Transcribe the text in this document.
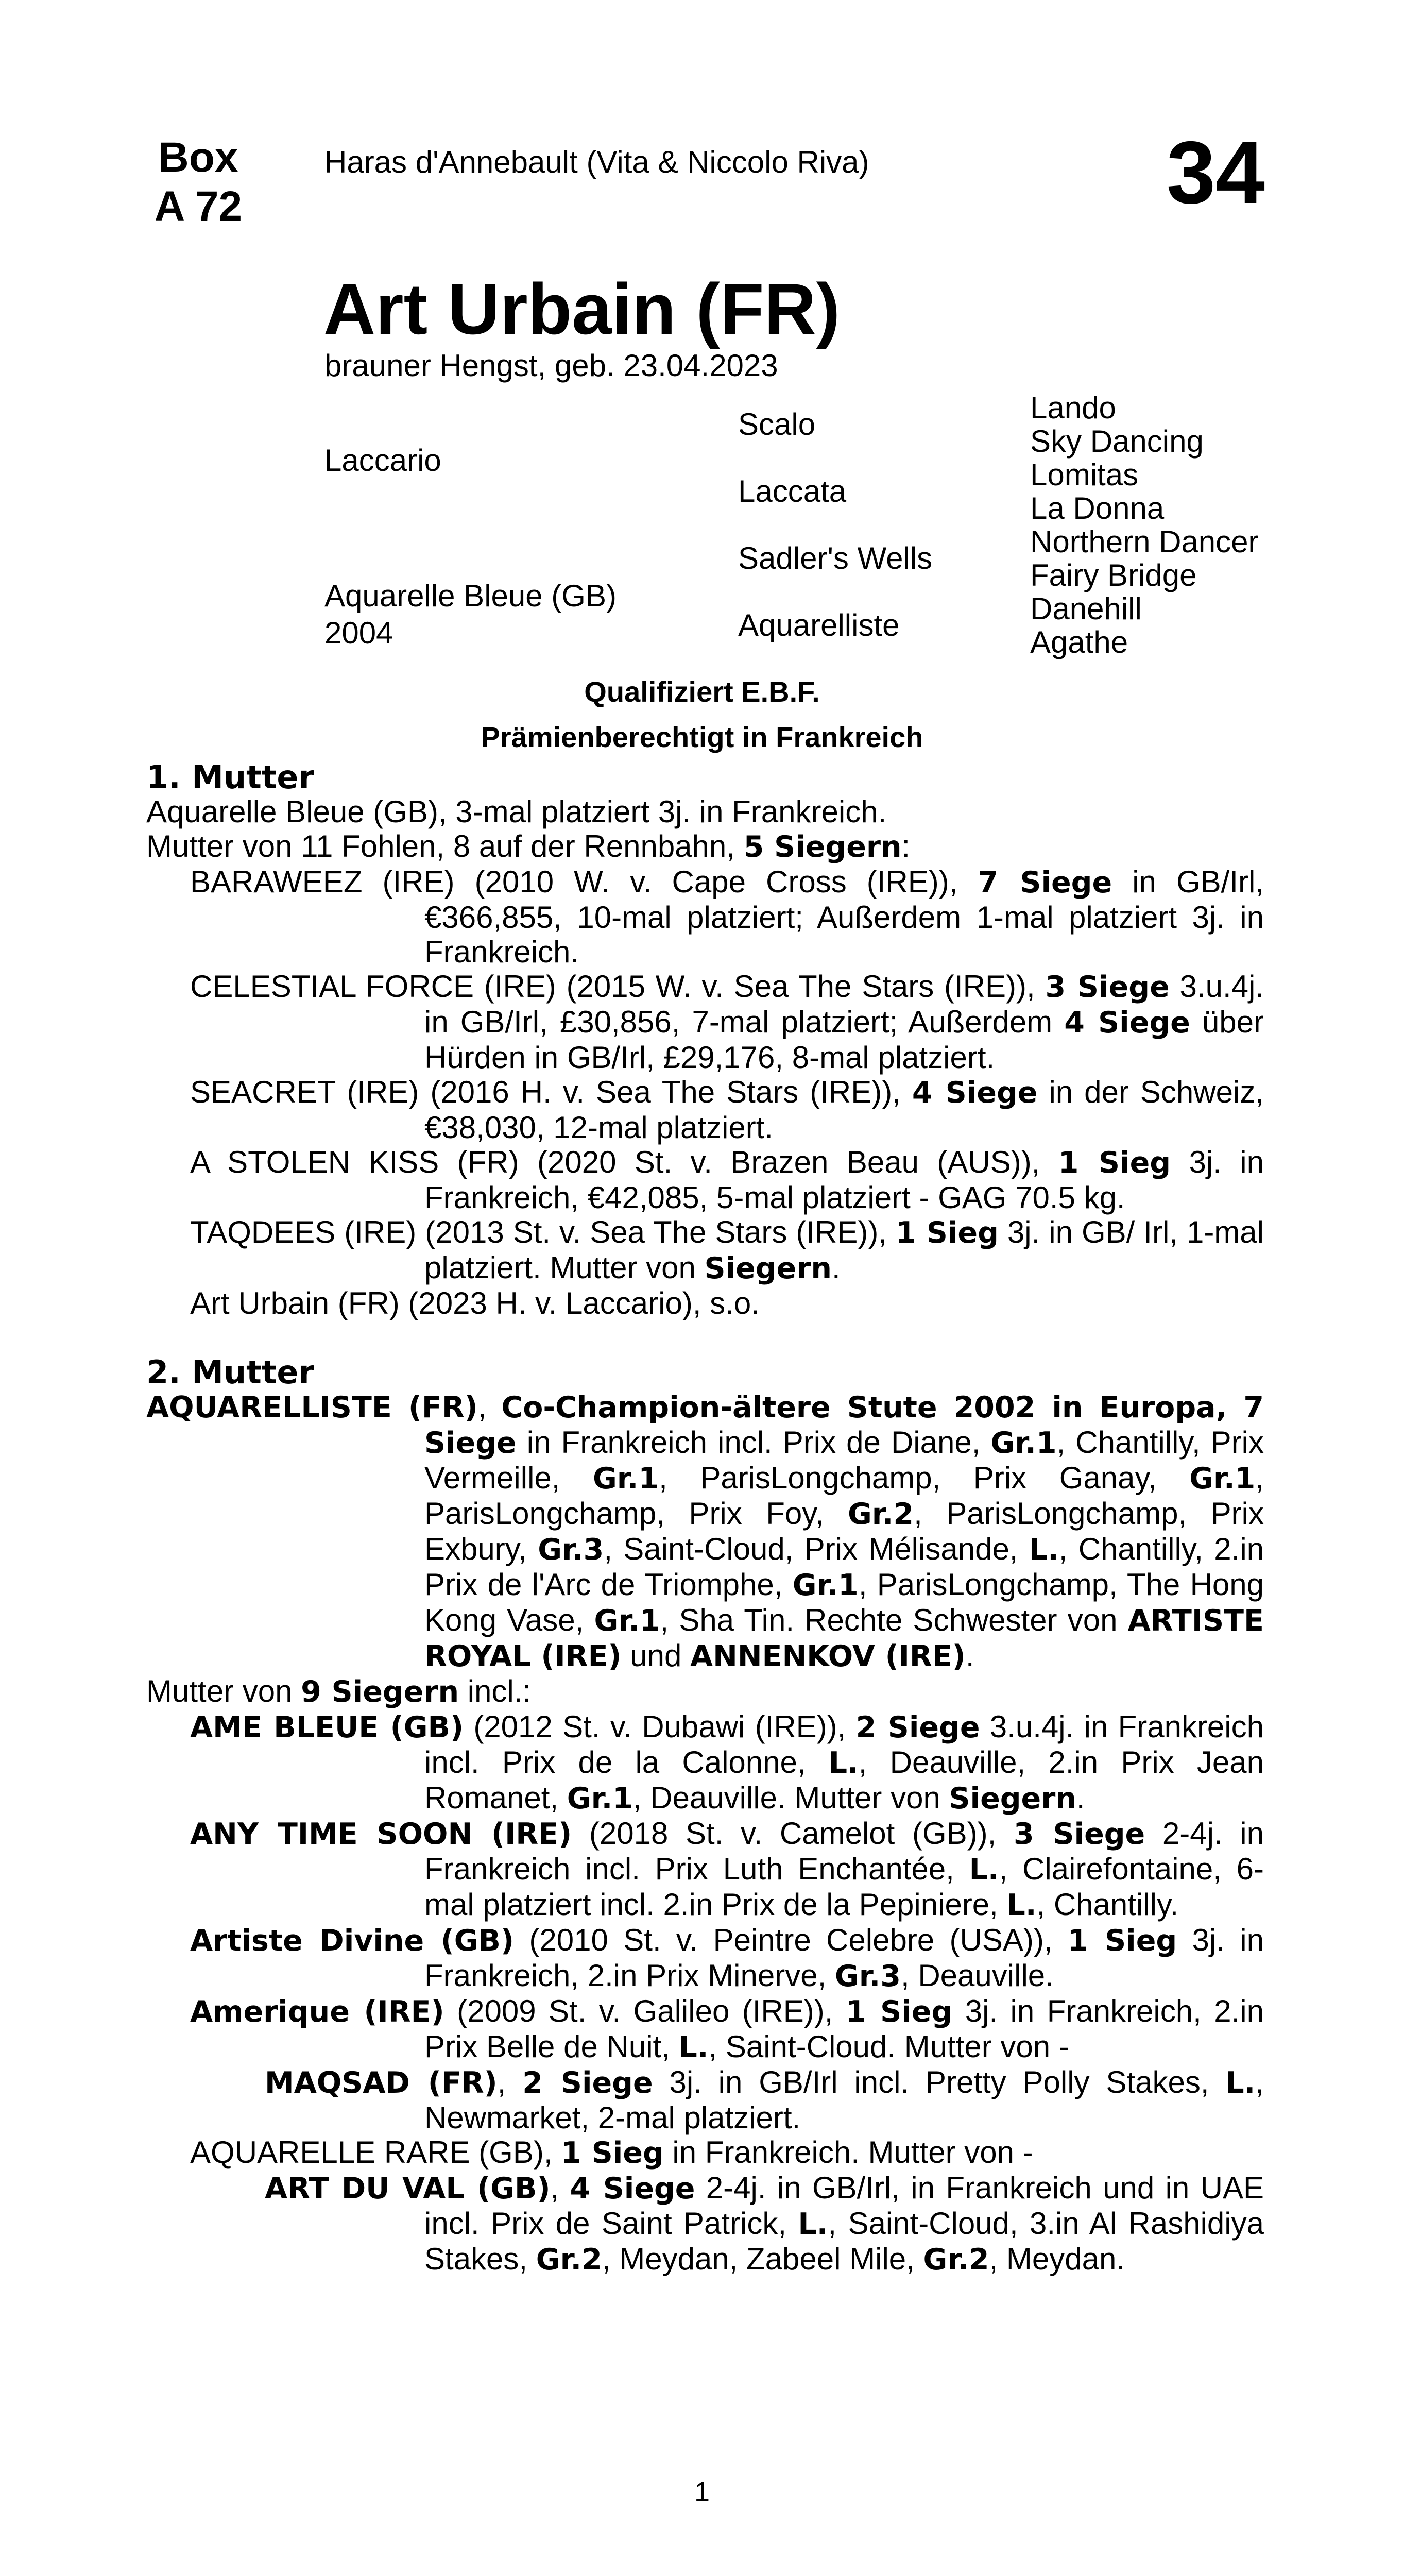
Box
A 72
Haras d'Annebault (Vita & Niccolo Riva)	34
Art Urbain (FR)
brauner Hengst, geb. 23.04.2023
Laccario
Aquarelle Bleue (GB)
2004
Scalo
Laccata
Sadler's Wells
Aquarelliste
Lando
Sky Dancing
Lomitas
La Donna
Northern Dancer
Fairy Bridge
Danehill
Agathe
Qualifiziert E.B.F.
Prämienberechtigt in Frankreich
1. Mutter
Aquarelle Bleue (GB), 3-mal platziert 3j. in Frankreich.
Mutter von 11 Fohlen, 8 auf der Rennbahn, 5 Siegern:
BARAWEEZ (IRE) (2010 W. v. Cape Cross (IRE)), 7 Siege in GB/Irl, €366,855, 10-mal platziert; Außerdem 1-mal platziert 3j. in Frankreich.
CELESTIAL FORCE (IRE) (2015 W. v. Sea The Stars (IRE)), 3 Siege 3.u.4j. in GB/Irl, £30,856, 7-mal platziert; Außerdem 4 Siege über Hürden in GB/Irl, £29,176, 8-mal platziert.
SEACRET (IRE) (2016 H. v. Sea The Stars (IRE)), 4 Siege in der Schweiz, €38,030, 12-mal platziert.
A STOLEN KISS (FR) (2020 St. v. Brazen Beau (AUS)), 1 Sieg 3j. in Frankreich, €42,085, 5-mal platziert - GAG 70.5 kg.
TAQDEES (IRE) (2013 St. v. Sea The Stars (IRE)), 1 Sieg 3j. in GB/ Irl, 1-mal platziert. Mutter von Siegern.
Art Urbain (FR) (2023 H. v. Laccario), s.o.
2. Mutter
AQUARELLISTE (FR), Co-Champion-ältere Stute 2002 in Europa, 7 Siege in Frankreich incl. Prix de Diane, Gr.1, Chantilly, Prix Vermeille, Gr.1, ParisLongchamp, Prix Ganay, Gr.1, ParisLongchamp, Prix Foy, Gr.2, ParisLongchamp, Prix Exbury, Gr.3, Saint-Cloud, Prix Mélisande, L., Chantilly, 2.in Prix de l'Arc de Triomphe, Gr.1, ParisLongchamp, The Hong Kong Vase, Gr.1, Sha Tin. Rechte Schwester von ARTISTE ROYAL (IRE) und ANNENKOV (IRE).
Mutter von 9 Siegern incl.:
AME BLEUE (GB) (2012 St. v. Dubawi (IRE)), 2 Siege 3.u.4j. in Frankreich incl. Prix de la Calonne, L., Deauville, 2.in Prix Jean Romanet, Gr.1, Deauville. Mutter von Siegern.
ANY TIME SOON (IRE) (2018 St. v. Camelot (GB)), 3 Siege 2-4j. in Frankreich incl. Prix Luth Enchantée, L., Clairefontaine, 6-mal platziert incl. 2.in Prix de la Pepiniere, L., Chantilly.
Artiste Divine (GB) (2010 St. v. Peintre Celebre (USA)), 1 Sieg 3j. in Frankreich, 2.in Prix Minerve, Gr.3, Deauville.
Amerique (IRE) (2009 St. v. Galileo (IRE)), 1 Sieg 3j. in Frankreich, 2.in Prix Belle de Nuit, L., Saint-Cloud. Mutter von -
MAQSAD (FR), 2 Siege 3j. in GB/Irl incl. Pretty Polly Stakes, L., Newmarket, 2-mal platziert.
AQUARELLE RARE (GB), 1 Sieg in Frankreich. Mutter von -
ART DU VAL (GB), 4 Siege 2-4j. in GB/Irl, in Frankreich und in UAE incl. Prix de Saint Patrick, L., Saint-Cloud, 3.in Al Rashidiya Stakes, Gr.2, Meydan, Zabeel Mile, Gr.2, Meydan.
1
